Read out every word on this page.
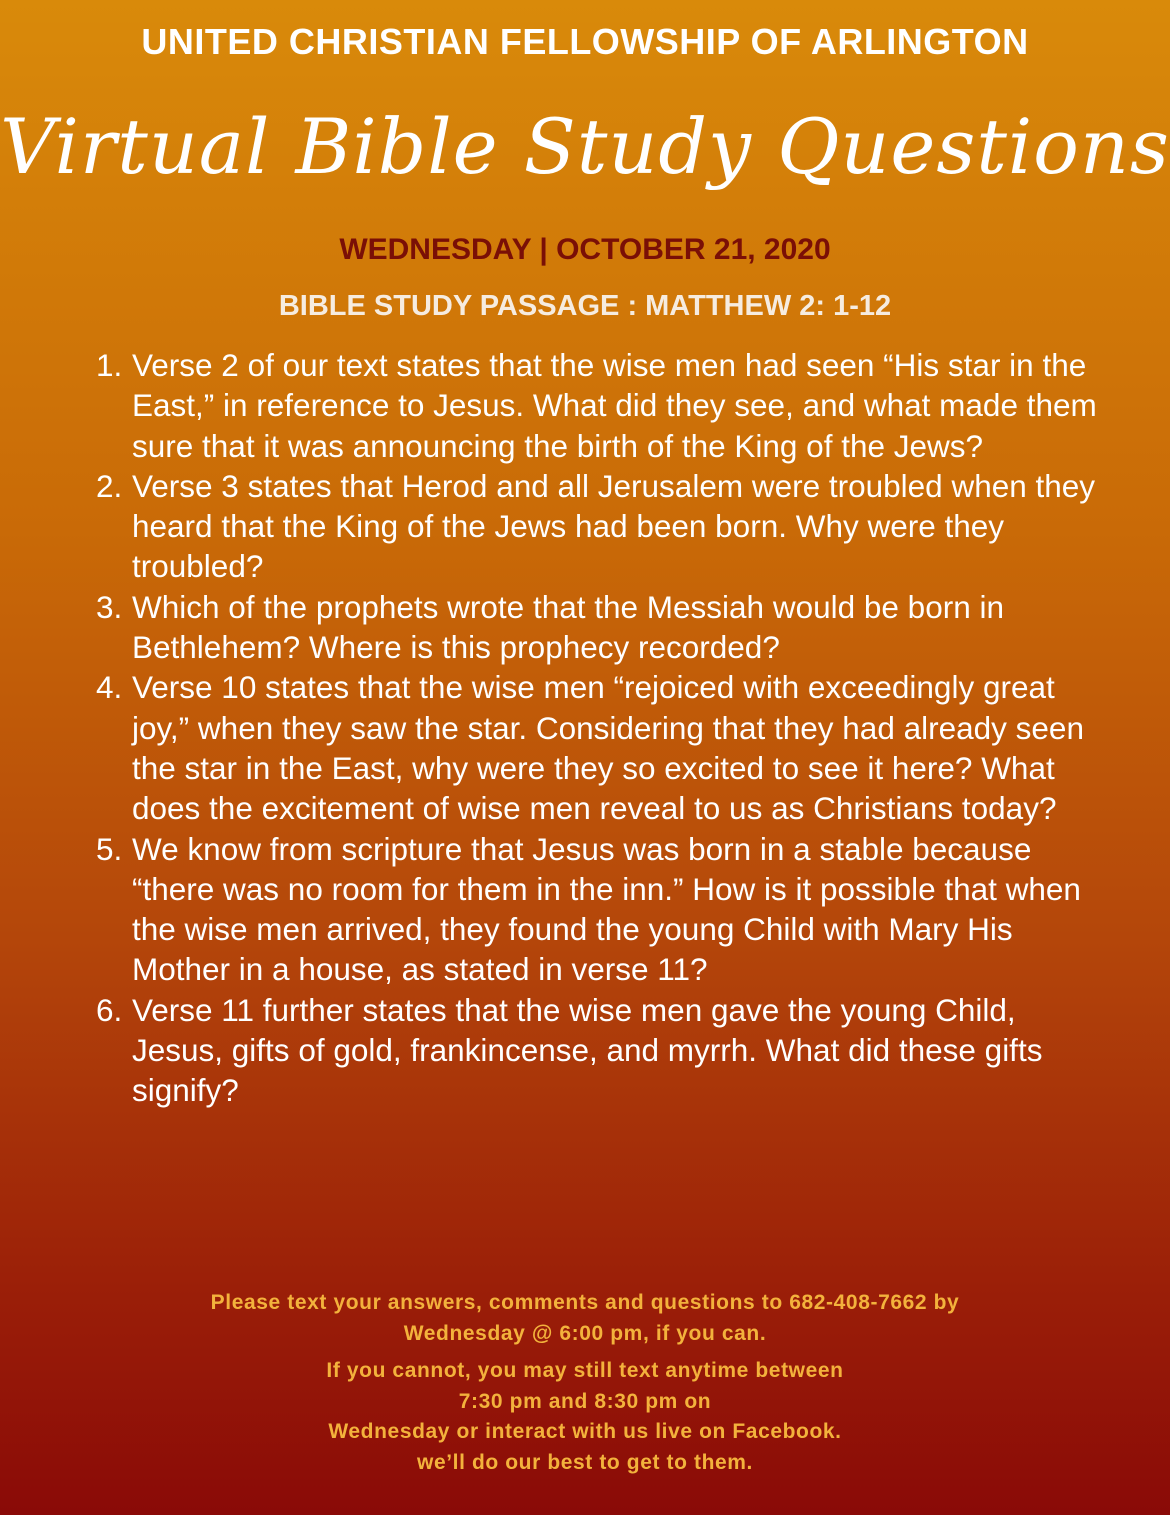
UNITED CHRISTIAN FELLOWSHIP OF ARLINGTON
Virtual Bible Study Questions
WEDNESDAY | OCTOBER 21, 2020
BIBLE STUDY PASSAGE : MATTHEW 2: 1-12
1. Verse 2 of our text states that the wise men had seen “His star in the East,” in reference to Jesus. What did they see, and what made them sure that it was announcing the birth of the King of the Jews?
2. Verse 3 states that Herod and all Jerusalem were troubled when they heard that the King of the Jews had been born. Why were they troubled?
3. Which of the prophets wrote that the Messiah would be born in Bethlehem? Where is this prophecy recorded?
4. Verse 10 states that the wise men “rejoiced with exceedingly great joy,” when they saw the star. Considering that they had already seen the star in the East, why were they so excited to see it here? What does the excitement of wise men reveal to us as Christians today?
5. We know from scripture that Jesus was born in a stable because “there was no room for them in the inn.” How is it possible that when the wise men arrived, they found the young Child with Mary His Mother in a house, as stated in verse 11?
6. Verse 11 further states that the wise men gave the young Child, Jesus, gifts of gold, frankincense, and myrrh. What did these gifts signify?
Please text your answers, comments and questions to 682-408-7662 by
Wednesday @ 6:00 pm, if you can.
If you cannot, you may still text anytime between
7:30 pm and 8:30 pm on
Wednesday or interact with us live on Facebook.
we’ll do our best to get to them.
